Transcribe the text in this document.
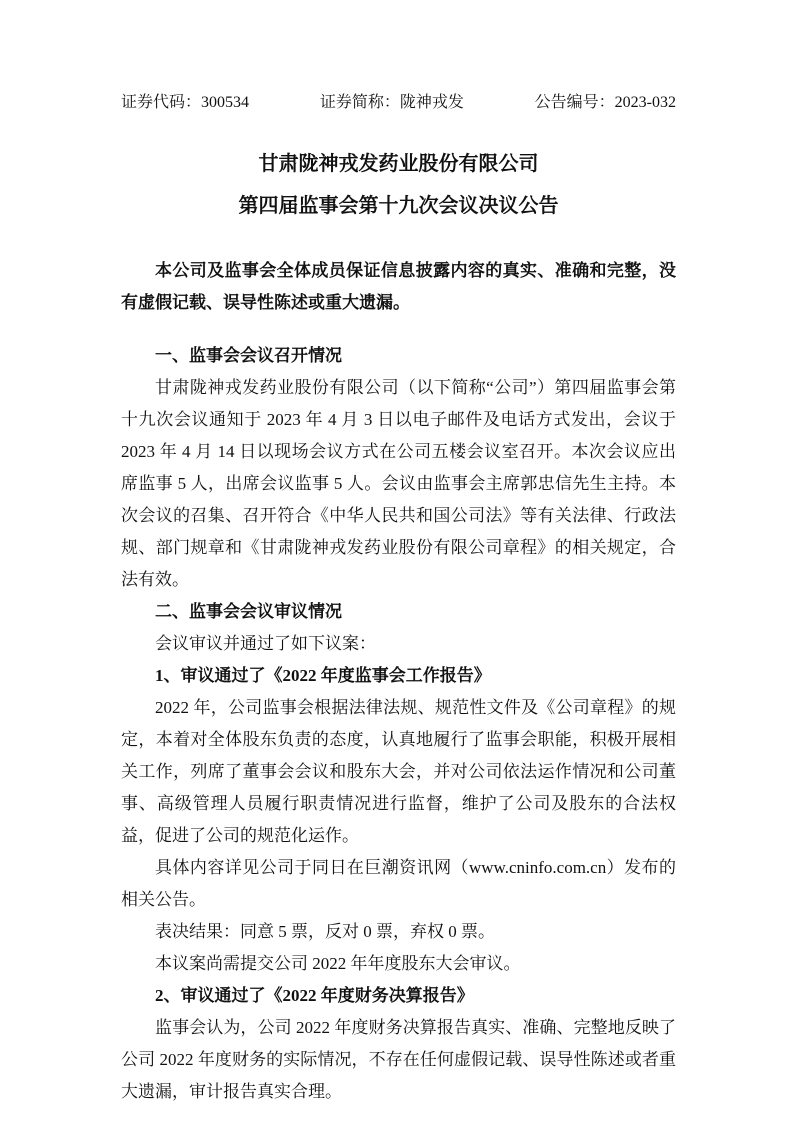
证券代码：300534	证券简称：陇神戎发	公告编号：2023-032
甘肃陇神戎发药业股份有限公司
第四届监事会第十九次会议决议公告

本公司及监事会全体成员保证信息披露内容的真实、准确和完整，没有虚假记载、误导性陈述或重大遗漏。

一、监事会会议召开情况

甘肃陇神戎发药业股份有限公司（以下简称“公司”）第四届监事会第十九次会议通知于 2023 年 4 月 3 日以电子邮件及电话方式发出，会议于 2023 年 4 月 14 日以现场会议方式在公司五楼会议室召开。本次会议应出席监事 5 人，出席会议监事 5 人。会议由监事会主席郭忠信先生主持。本次会议的召集、召开符合《中华人民共和国公司法》等有关法律、行政法规、部门规章和《甘肃陇神戎发药业股份有限公司章程》的相关规定，合法有效。

二、监事会会议审议情况

会议审议并通过了如下议案：

1、审议通过了《2022 年度监事会工作报告》

2022 年，公司监事会根据法律法规、规范性文件及《公司章程》的规定，本着对全体股东负责的态度，认真地履行了监事会职能，积极开展相关工作，列席了董事会会议和股东大会，并对公司依法运作情况和公司董事、高级管理人员履行职责情况进行监督，维护了公司及股东的合法权益，促进了公司的规范化运作。

具体内容详见公司于同日在巨潮资讯网（www.cninfo.com.cn）发布的相关公告。

表决结果：同意 5 票，反对 0 票，弃权 0 票。

本议案尚需提交公司 2022 年年度股东大会审议。

2、审议通过了《2022 年度财务决算报告》

监事会认为，公司 2022 年度财务决算报告真实、准确、完整地反映了公司 2022 年度财务的实际情况，不存在任何虚假记载、误导性陈述或者重大遗漏，审计报告真实合理。
